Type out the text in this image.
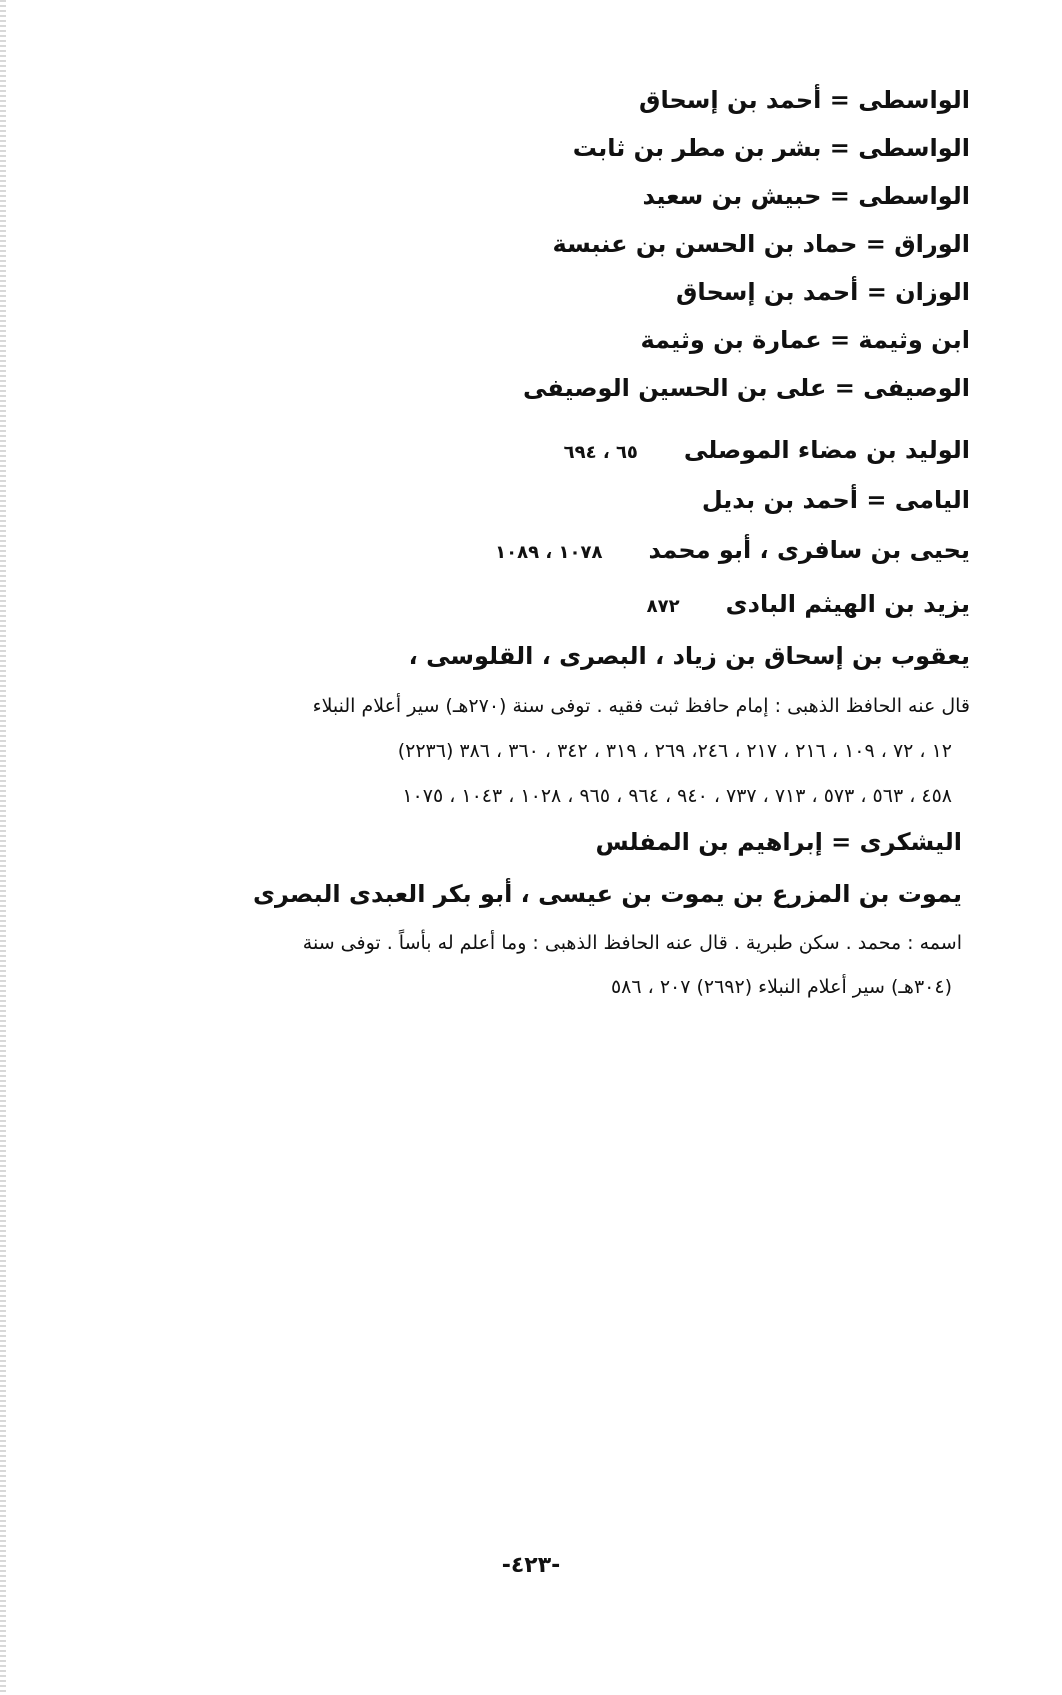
الواسطى = أحمد بن إسحاق
الواسطى = بشر بن مطر بن ثابت
الواسطى = حبيش بن سعيد
الوراق = حماد بن الحسن بن عنبسة
الوزان = أحمد بن إسحاق
ابن وثيمة = عمارة بن وثيمة
الوصيفى = على بن الحسين الوصيفى
الوليد بن مضاء الموصلى٦٥ ، ٦٩٤
اليامى = أحمد بن بديل
يحيى بن سافرى ، أبو محمد١٠٧٨ ، ١٠٨٩
يزيد بن الهيثم البادى٨٧٢
يعقوب بن إسحاق بن زياد ، البصرى ، القلوسى ،
قال عنه الحافظ الذهبى : إمام حافظ ثبت فقيه . توفى سنة (٢٧٠هـ) سير أعلام النبلاء
(٢٢٣٦) ١٢ ، ٧٢ ، ١٠٩ ، ٢١٦ ، ٢١٧ ، ٢٤٦، ٢٦٩ ، ٣١٩ ، ٣٤٢ ، ٣٦٠ ، ٣٨٦
٤٥٨ ، ٥٦٣ ، ٥٧٣ ، ٧١٣ ، ٧٣٧ ، ٩٤٠ ، ٩٦٤ ، ٩٦٥ ، ١٠٢٨ ، ١٠٤٣ ، ١٠٧٥
اليشكرى = إبراهيم بن المفلس
يموت بن المزرع بن يموت بن عيسى ، أبو بكر العبدى البصرى
اسمه : محمد . سكن طبرية . قال عنه الحافظ الذهبى : وما أعلم له بأساً . توفى سنة
(٣٠٤هـ) سير أعلام النبلاء (٢٦٩٢) ٢٠٧ ، ٥٨٦
-٤٢٣-
